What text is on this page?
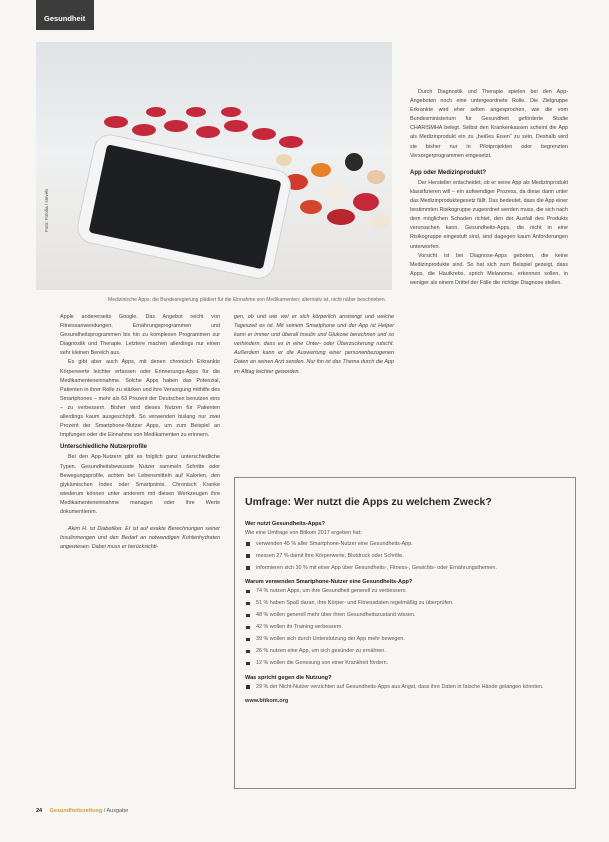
Gesundheit
Foto: Fotolia / steveb
Medizinische Apps: die Bundesregierung plädiert für die Einnahme von Medikamenten; alternativ ist, nicht näher beschrieben.

Apple andererseits Google. Das Angebot reicht von Fitnessanwendungen, Ernährungsprogrammen und Gesundheitsprogrammen bis hin zu komplexen Programmen zur Diagnostik und Therapie. Letztere machen allerdings nur einen sehr kleinen Bereich aus.

Es gibt aber auch Apps, mit denen chronisch Erkrankte Körperwerte leichter erfassen oder Erinnerungs-Apps für die Medikamenteneinnahme. Solche Apps haben das Potenzial, Patienten in ihrer Rolle zu stärken und ihre Versorgung mithilfe des Smartphones – mehr als 63 Prozent der Deutschen benutzen eins – zu verbessern. Bisher wird dieses Nutzen für Patienten allerdings kaum ausgeschöpft. So verwenden bislang nur zwei Prozent der Smartphone-Nutzer Apps, um zum Beispiel an Impfungen oder die Einnahme von Medikamenten zu erinnern.

Unterschiedliche Nutzerprofile

Bei den App-Nutzern gibt es folglich ganz unterschiedliche Typen. Gesundheitsbewusste Nutzer sammeln Schritte oder Bewegungsprofile, achten bei Lebensmitteln auf Kalorien, den glykämischen Index oder Smartpoints. Chronisch Kranke wiederum können unter anderem mit diesen Werkzeugen ihre Medikamenteneinnahme managen oder ihre Werte dokumentieren.

Akim H. ist Diabetiker. Er ist auf exakte Berechnungen seiner Insulinmengen und den Bedarf an notwendigen Kohlenhydraten angewiesen. Dabei muss er berücksichti-

gen, ob und wie viel er sich körperlich anstrengt und welche Tageszeit es ist. Mit seinem Smartphone und der App ist Helper kann er immer und überall Insulin und Glukose berechnen und so verhindern, dass es in eine Unter- oder Überzuckerung rutscht. Außerdem kann er die Auswertung einer personenbezogenen Daten an seinen Arzt senden. Nur ihn ist das Thema durch die App im Alltag leichter geworden.

Durch Diagnostik und Therapie spielen bei den App-Angeboten noch eine untergeordnete Rolle. Die Zielgruppe Erkrankte wird eher selten angesprochen, wie die vom Bundesministerium für Gesundheit geförderte Studie CHARISMHA belegt. Selbst den Krankenkassen scheint die App als Medizinprodukt ein zu „heißes Eisen“ zu sein. Deshalb wird sie bisher nur in Pilotprojekten oder begrenzten Versorgerprogrammen eingesetzt.

App oder Medizinprodukt?

Der Hersteller entscheidet, ob er seine App als Medizinprodukt klassifizieren will – ein aufwendiger Prozess, da diese dann unter das Medizinproduktegesetz fällt. Das bedeutet, dass die App einer bestimmten Risikogruppe zugeordnet werden muss, die sich nach dem möglichen Schaden richtet, den der Ausfall des Produkts verursachen kann. Gesundheits-Apps, die nicht in eine Risikogruppe eingestuft sind, sind dagegen kaum Anforderungen unterworfen.

Vorsicht ist bei Diagnose-Apps geboten, die keine Medizinprodukte sind. So hat sich zum Beispiel gezeigt, dass Apps, die Hautkrebs, sprich Melanome, erkennen sollen, in weniger als einem Drittel der Fälle die richtige Diagnose stellen.

Umfrage: Wer nutzt die Apps zu welchem Zweck?
Wer nutzt Gesundheits-Apps?
Wie eine Umfrage von Bitkom 2017 ergeben hat:
verwenden 45 % aller Smartphone-Nutzer eine Gesundheits-App.
messen 27 % damit ihre Körperwerte, Blutdruck oder Schritte.
informieren sich 30 % mit einer App über Gesundheits-, Fitness-, Gewichts- oder Ernährungsthemen.
Warum verwenden Smartphone-Nutzer eine Gesundheits-App?
74 % nutzen Apps, um ihre Gesundheit generell zu verbessern.
51 % haben Spaß daran, ihre Körper- und Fitnessdaten regelmäßig zu überprüfen.
48 % wollen generell mehr über ihren Gesundheitszustand wissen.
42 % wollen ihr Training verbessern.
39 % wollen sich durch Unterstützung der App mehr bewegen.
26 % nutzen eine App, um sich gesünder zu ernähren.
12 % wollen die Genesung von einer Krankheit fördern.
Was spricht gegen die Nutzung?
29 % der Nicht-Nutzer verzichten auf Gesundheits-Apps aus Angst, dass ihre Daten in falsche Hände gelangen könnten.
www.bitkom.org
24 Gesundheitszeitung / Ausgabe
